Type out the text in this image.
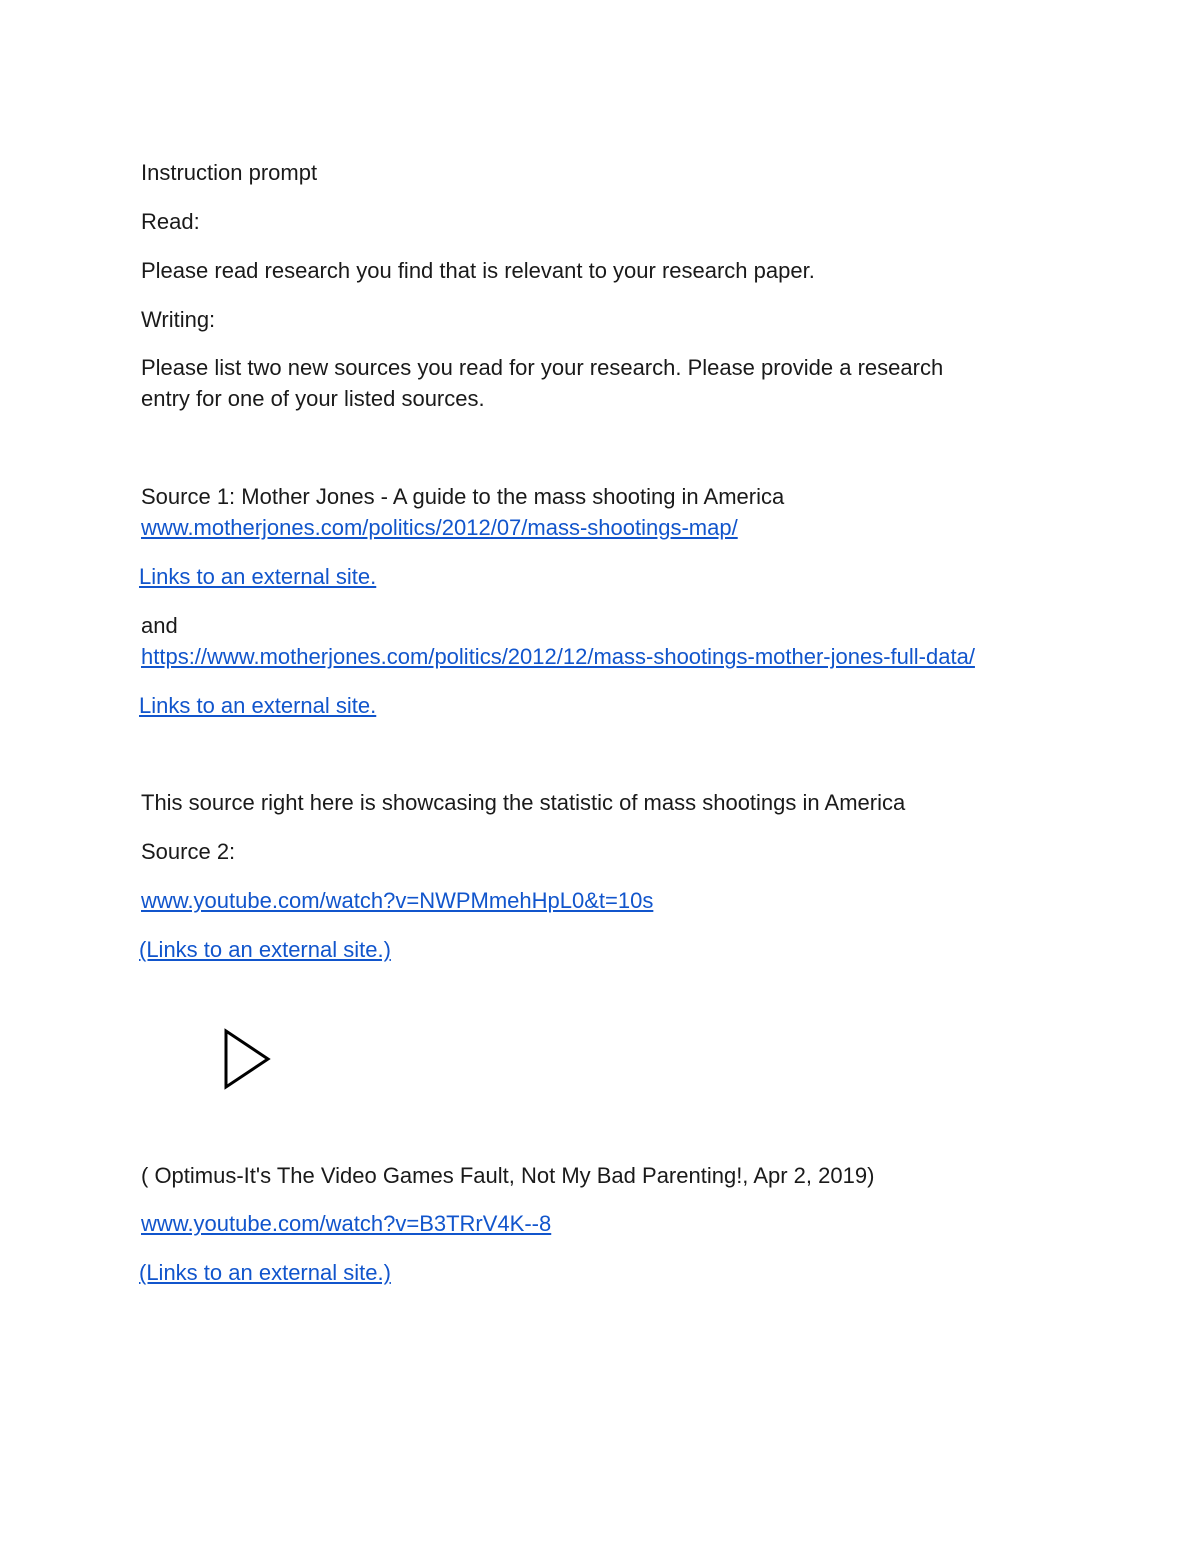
Instruction prompt

Read:

Please read research you find that is relevant to your research paper.

Writing:

Please list two new sources you read for your research. Please provide a research

entry for one of your listed sources.

Source 1: Mother Jones - A guide to the mass shooting in America

www.motherjones.com/politics/2012/07/mass-shootings-map/
Links to an external site.

and

https://www.motherjones.com/politics/2012/12/mass-shootings-mother-jones-full-data/
Links to an external site.

This source right here is showcasing the statistic of mass shootings in America

Source 2:

www.youtube.com/watch?v=NWPMmehHpL0&t=10s
(Links to an external site.)

( Optimus-It's The Video Games Fault, Not My Bad Parenting!, Apr 2, 2019)

www.youtube.com/watch?v=B3TRrV4K--8
(Links to an external site.)
